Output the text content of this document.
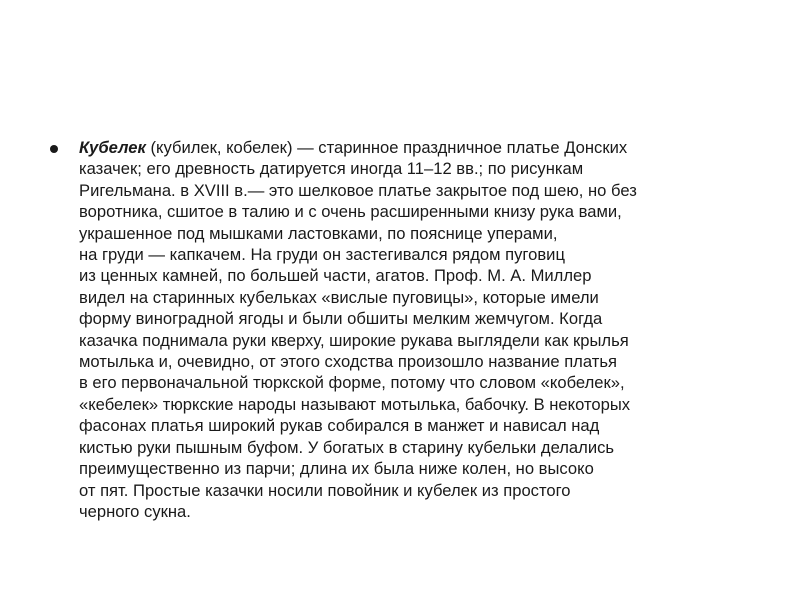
Кубелек (кубилек, кобелек) — старинное праздничное платье Донских
казачек; его древность датируется иногда 11–12 вв.; по рисункам
Ригельмана. в XVIII в.— это шелковое платье закрытое под шею, но без
воротника, сшитое в талию и с очень расширенными книзу рука вами,
украшенное под мышками ластовками, по пояснице уперами,
на груди — капкачем. На груди он застегивался рядом пуговиц
из ценных камней, по большей части, агатов. Проф. М. А. Миллер
видел на старинных кубельках «вислые пуговицы», которые имели
форму виноградной ягоды и были обшиты мелким жемчугом. Когда
казачка поднимала руки кверху, широкие рукава выглядели как крылья
мотылька и, очевидно, от этого сходства произошло название платья
в его первоначальной тюркской форме, потому что словом «кобелек»,
«кебелек» тюркские народы называют мотылька, бабочку. В некоторых
фасонах платья широкий рукав собирался в манжет и нависал над
кистью руки пышным буфом. У богатых в старину кубельки делались
преимущественно из парчи; длина их была ниже колен, но высоко
от пят. Простые казачки носили повойник и кубелек из простого
черного сукна.
